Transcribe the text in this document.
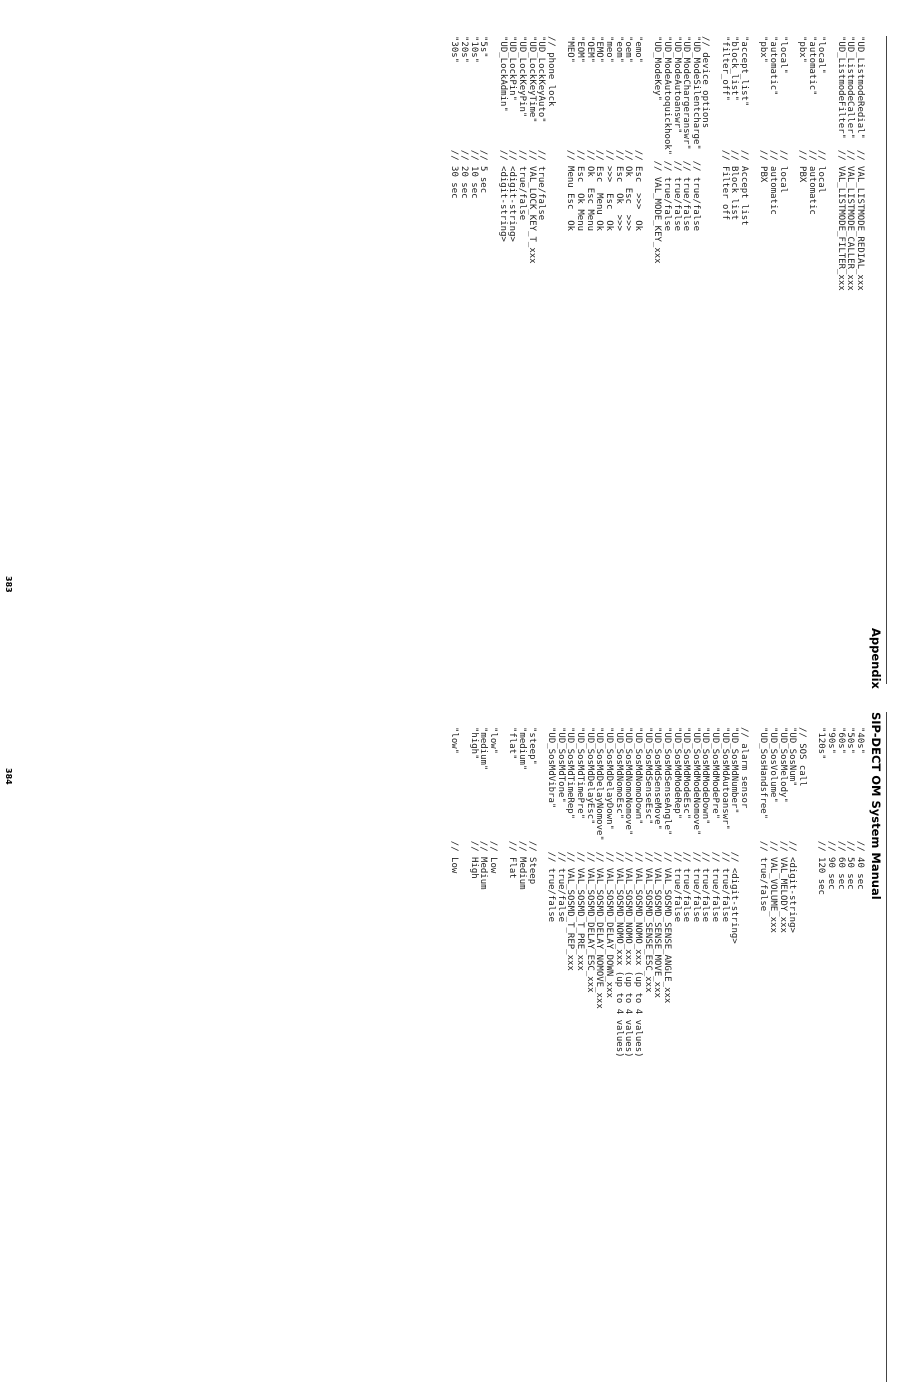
Appendix
"UD_ListmodeRedial"  // VAL_LISTMODE_REDIAL_xxx
"UD_ListmodeCaller"  // VAL_LISTMODE_CALLER_xxx
"UD_ListmodeFilter"  // VAL_LISTMODE_FILTER_xxx

"local"              // local
"automatic"          // automatic
"pbx"                // PBX

"local"              // local
"automatic"          // automatic
"pbx"                // PBX

"accept_list"        // Accept list
"block_list"         // Block list
"filter_off"         // Filter off

// device options
"UD_ModeSilentcharge"  // true/false
"UD_ModeChargeranswr"  // true/false
"UD_ModeAutoanswr"     // true/false
"UD_ModeAutoquickhook" // true/false
"UD_ModeKey"           // VAL_MODE_KEY_xxx

"emo"                // Esc  >>>  Ok
"oem"                // Ok  Esc  >>>
"eom"                // Esc  Ok  >>>
"meo"                // >>>  Esc  Ok
"EMO"                // Esc  Menu Ok
"OEM"                // Ok  Esc Menu
"EOM"                // Esc  Ok Menu
"MEO"                // Menu Esc  Ok

// phone lock
"UD_LockKeyAuto"     // true/false
"UD_LockKeyTime"     // VAL_LOCK_KEY_T_xxx
"UD_LockKeyPin"      // true/false
"UD_LockPin"         // <digit-string>
"UD_LockAdmin"       // <digit-string>

"5s"                 // 5 sec
"10s"                // 10 sec
"20s"                // 20 sec
"30s"                // 30 sec
383
SIP-DECT OM System Manual
"40s"                // 40 sec
"50s"                // 50 sec
"60s"                // 60 sec
"90s"                // 90 sec
"120s"               // 120 sec

// SOS call
"UD_SosNum"          // <digit-string>
"UD_SosMelody"       // VAL_MELODY_xxx
"UD_SosVolume"       // VAL_VOLUME_xxx
"UD_SosHandsfree"    // true/false

// alarm sensor
"UD_SosMdNumber"       // <digit-string>
"UD_SosMdAutoanswr"    // true/false
"UD_SosMdModePre"      // true/false
"UD_SosMdModeDown"     // true/false
"UD_SosMdModeNomove"   // true/false
"UD_SosMdModeEsc"      // true/false
"UD_SosMdModeRep"      // true/false
"UD_SosMdSenseAngle"   // VAL_SOSMD_SENSE_ANGLE_xxx
"UD_SosMdSenseMove"    // VAL_SOSMD_SENSE_MOVE_xxx
"UD_SosMdSenseEsc"     // VAL_SOSMD_SENSE_ESC_xxx
"UD_SosMdNomoDown"     // VAL_SOSMD_NOMO_xxx (up to 4 values)
"UD_SosMdNomoNomove"   // VAL_SOSMD_NOMO_xxx (up to 4 values)
"UD_SosMdNomoEsc"      // VAL_SOSMD_NOMO_xxx (up to 4 values)
"UD_SosMdDelayDown"    // VAL_SOSMD_DELAY_DOWN_xxx
"UD_SosMdDelayNomove"  // VAL_SOSMD_DELAY_NOMOVE_xxx
"UD_SosMdDelayEsc"     // VAL_SOSMD_DELAY_ESC_xxx
"UD_SosMdTimePre"      // VAL_SOSMD_T_PRE_xxx
"UD_SosMdTimeRep"      // VAL_SOSMD_T_REP_xxx
"UD_SosMdTone"         // true/false
"UD_SosMdVibra"        // true/false

"steep"              // Steep
"medium"             // Medium
"flat"               // Flat

"low"                // Low
"medium"             // Medium
"high"               // High

"low"                // Low
384
